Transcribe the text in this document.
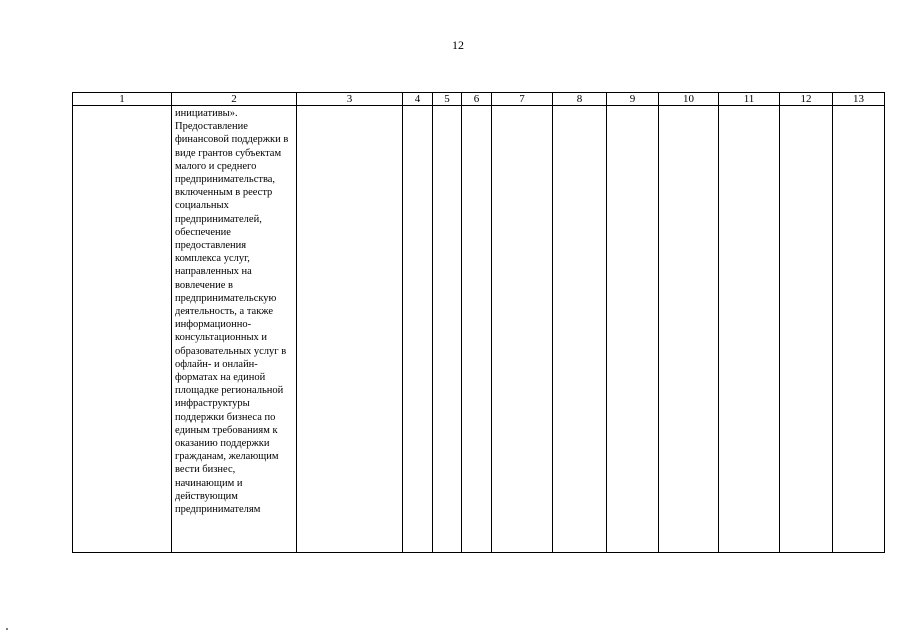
12
1	2	3	4	5	6	7	8	9	10	11	12	13

	инициативы». Предоставление финансовой поддержки в виде грантов субъектам малого и среднего предпринимательства, включенным в реестр социальных предпринимателей, обеспечение предоставления комплекса услуг, направленных на вовлечение в предпринимательскую деятельность, а также информационно-консультационных и образовательных услуг в офлайн- и онлайн-форматах на единой площадке региональной инфраструктуры поддержки бизнеса по единым требованиям к оказанию поддержки гражданам, желающим вести бизнес, начинающим и действующим предпринимателям											
